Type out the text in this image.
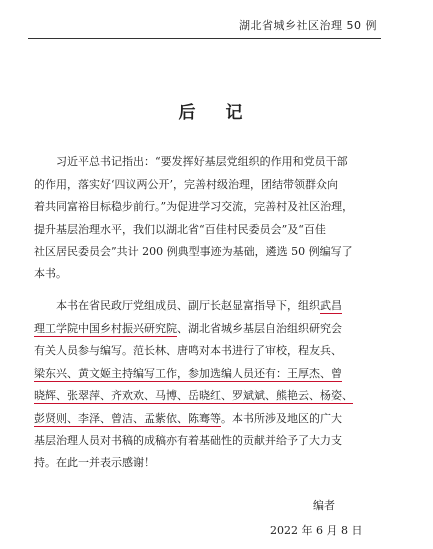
湖北省城乡社区治理 50 例
后 记
习近平总书记指出：“要发挥好基层党组织的作用和党员干部
的作用，落实好‘四议两公开’，完善村级治理，团结带领群众向
着共同富裕目标稳步前行。”为促进学习交流，完善村及社区治理，
提升基层治理水平，我们以湖北省“百佳村民委员会”及“百佳
社区居民委员会”共计 200 例典型事迹为基础，遴选 50 例编写了
本书。
本书在省民政厅党组成员、副厅长赵显富指导下，组织武昌
理工学院中国乡村振兴研究院、湖北省城乡基层自治组织研究会
有关人员参与编写。范长林、唐鸣对本书进行了审校，程友兵、
梁东兴、黄文姬主持编写工作，参加选编人员还有：王厚杰、曾
晓辉、张翠萍、齐欢欢、马博、岳晓红、罗斌斌、熊艳云、杨姿、
彭贤则、李泽、曾洁、孟紫依、陈骞等。本书所涉及地区的广大
基层治理人员对书稿的成稿亦有着基础性的贡献并给予了大力支
持。在此一并表示感谢！
编者
2022 年 6 月 8 日
